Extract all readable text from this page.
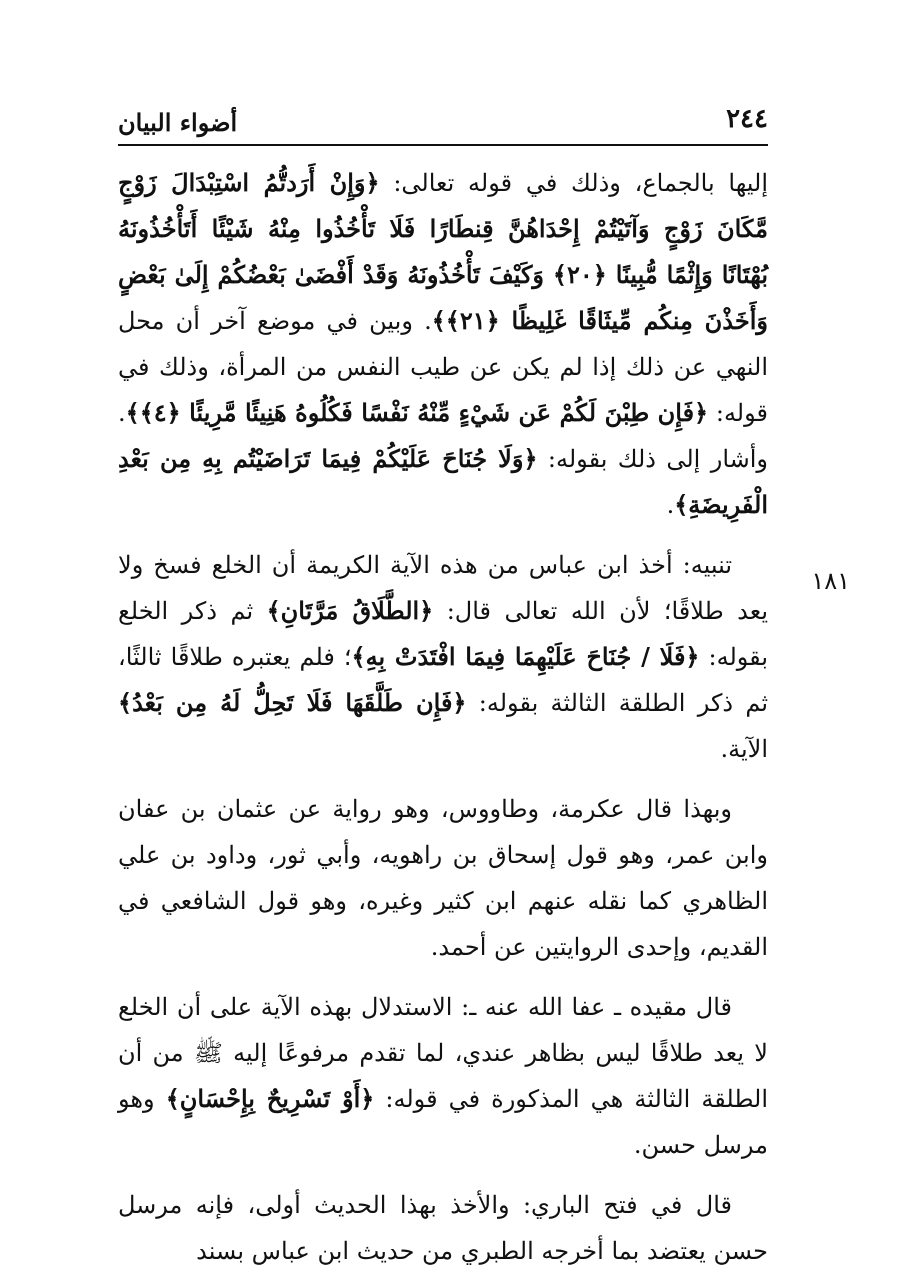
٢٤٤
أضواء البيان
١٨١

إليها بالجماع، وذلك في قوله تعالى: ﴿وَإِنْ أَرَدتُّمُ اسْتِبْدَالَ زَوْجٍ مَّكَانَ زَوْجٍ وَآتَيْتُمْ إِحْدَاهُنَّ قِنطَارًا فَلَا تَأْخُذُوا مِنْهُ شَيْئًا أَتَأْخُذُونَهُ بُهْتَانًا وَإِثْمًا مُّبِينًا ﴿٢٠﴾ وَكَيْفَ تَأْخُذُونَهُ وَقَدْ أَفْضَىٰ بَعْضُكُمْ إِلَىٰ بَعْضٍ وَأَخَذْنَ مِنكُم مِّيثَاقًا غَلِيظًا ﴿٢١﴾﴾. وبين في موضع آخر أن محل النهي عن ذلك إذا لم يكن عن طيب النفس من المرأة، وذلك في قوله: ﴿فَإِن طِبْنَ لَكُمْ عَن شَيْءٍ مِّنْهُ نَفْسًا فَكُلُوهُ هَنِيئًا مَّرِيئًا ﴿٤﴾﴾. وأشار إلى ذلك بقوله: ﴿وَلَا جُنَاحَ عَلَيْكُمْ فِيمَا تَرَاضَيْتُم بِهِ مِن بَعْدِ الْفَرِيضَةِ﴾.

تنبيه: أخذ ابن عباس من هذه الآية الكريمة أن الخلع فسخ ولا يعد طلاقًا؛ لأن الله تعالى قال: ﴿الطَّلَاقُ مَرَّتَانِ﴾ ثم ذكر الخلع بقوله: ﴿فَلَا / جُنَاحَ عَلَيْهِمَا فِيمَا افْتَدَتْ بِهِ﴾؛ فلم يعتبره طلاقًا ثالثًا، ثم ذكر الطلقة الثالثة بقوله: ﴿فَإِن طَلَّقَهَا فَلَا تَحِلُّ لَهُ مِن بَعْدُ﴾ الآية.

وبهذا قال عكرمة، وطاووس، وهو رواية عن عثمان بن عفان وابن عمر، وهو قول إسحاق بن راهويه، وأبي ثور، وداود بن علي الظاهري كما نقله عنهم ابن كثير وغيره، وهو قول الشافعي في القديم، وإحدى الروايتين عن أحمد.

قال مقيده ـ عفا الله عنه ـ: الاستدلال بهذه الآية على أن الخلع لا يعد طلاقًا ليس بظاهر عندي، لما تقدم مرفوعًا إليه ﷺ من أن الطلقة الثالثة هي المذكورة في قوله: ﴿أَوْ تَسْرِيحٌ بِإِحْسَانٍ﴾ وهو مرسل حسن.

قال في فتح الباري: والأخذ بهذا الحديث أولى، فإنه مرسل حسن يعتضد بما أخرجه الطبري من حديث ابن عباس بسند
